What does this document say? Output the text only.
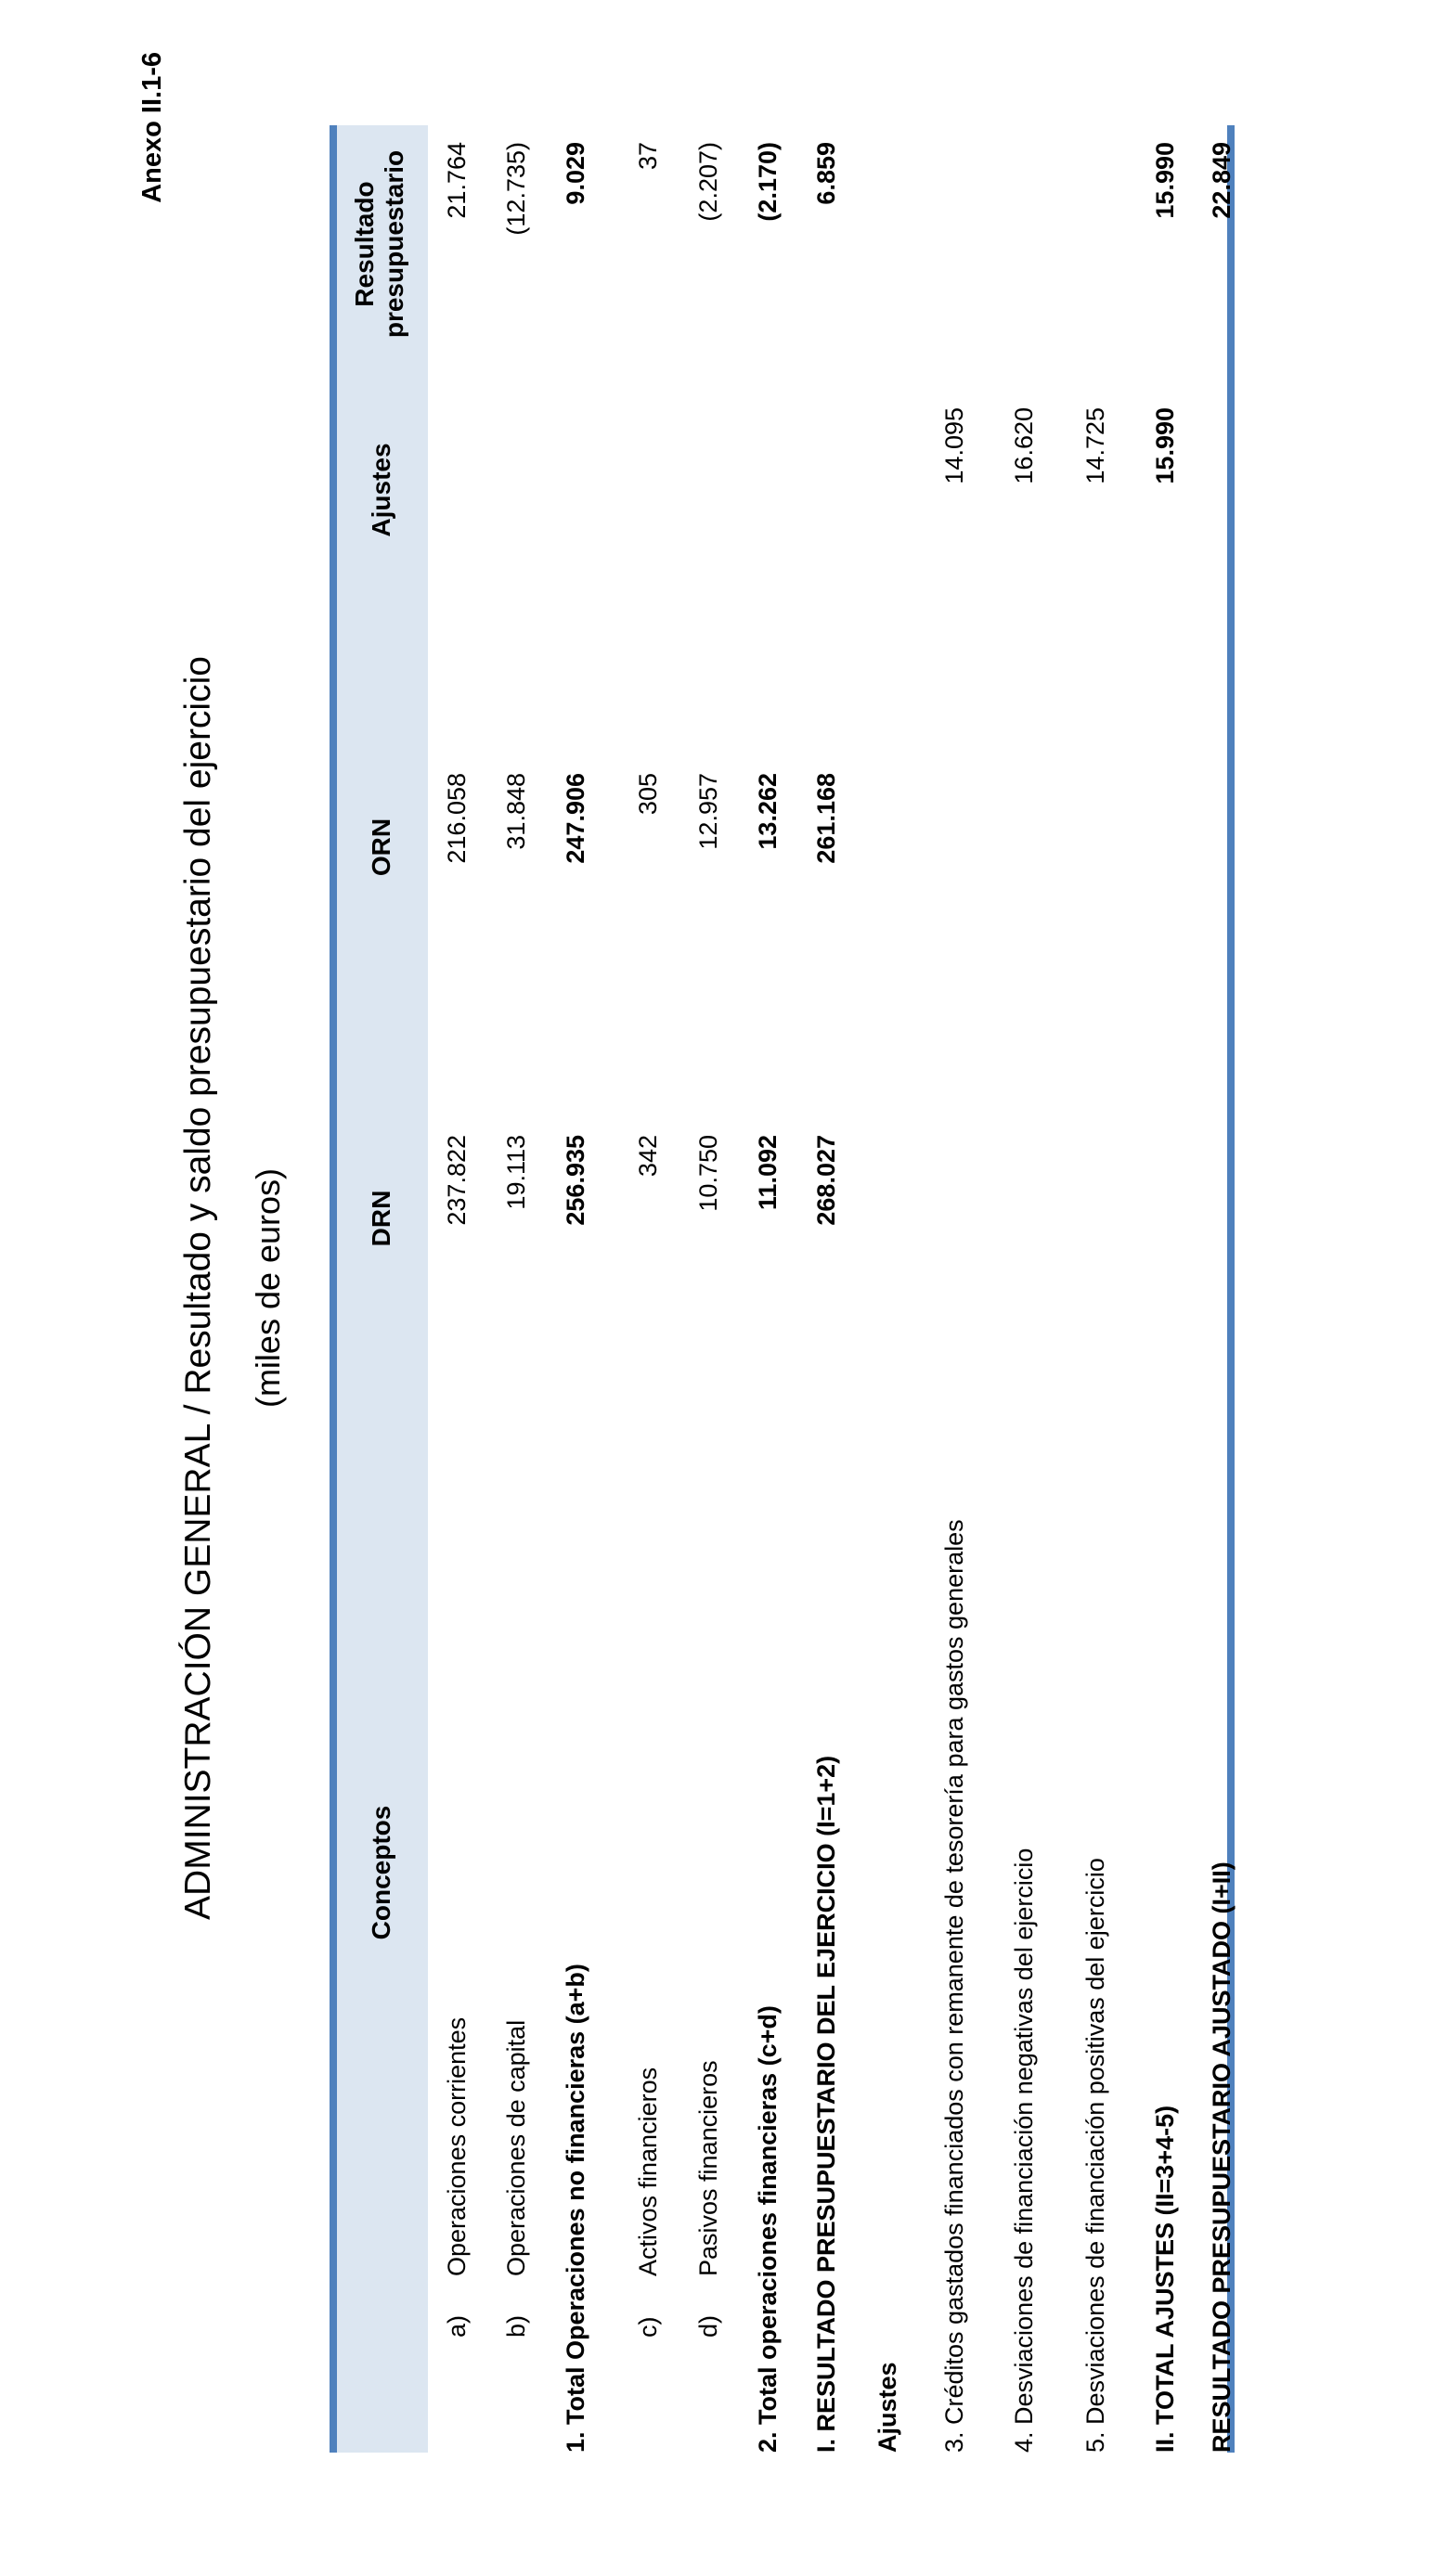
Anexo II.1-6
ADMINISTRACIÓN GENERAL / Resultado y saldo presupuestario del ejercicio (miles de euros)
Conceptos
DRN
ORN
Ajustes
Resultado presupuestario
a)
Operaciones corrientes
237.822
216.058
21.764
b)
Operaciones de capital
19.113
31.848
(12.735)
1. Total Operaciones no financieras (a+b)
256.935
247.906
9.029
c)
Activos financieros
342
305
37
d)
Pasivos financieros
10.750
12.957
(2.207)
2. Total operaciones financieras (c+d)
11.092
13.262
(2.170)
I. RESULTADO PRESUPUESTARIO DEL EJERCICIO (I=1+2)
268.027
261.168
6.859
Ajustes 3. Créditos gastados financiados con remanente de tesorería para gastos generales
14.095
4. Desviaciones de financiación negativas del ejercicio
16.620
5. Desviaciones de financiación positivas del ejercicio
14.725
II. TOTAL AJUSTES (II=3+4-5)
15.990
15.990
RESULTADO PRESUPUESTARIO AJUSTADO (I+II)
22.849
